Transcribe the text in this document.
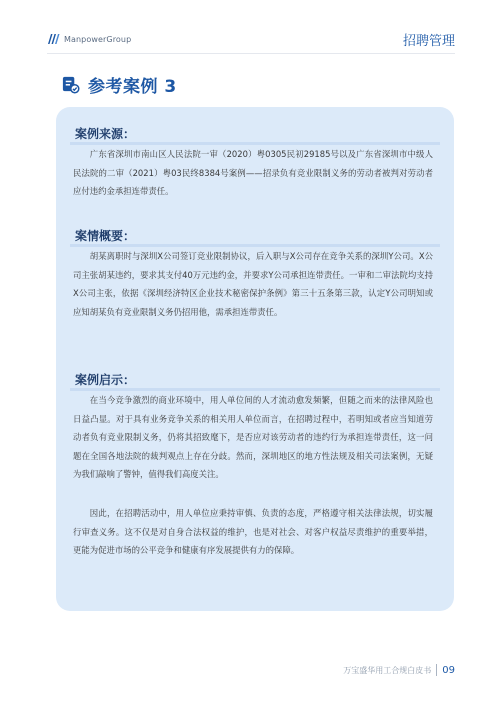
ManpowerGroup	招聘管理
参考案例 3
案例来源：

广东省深圳市南山区人民法院一审（2020）粤0305民初29185号以及广东省深圳市中级人民法院的二审（2021）粤03民终8384号案例——招录负有竞业限制义务的劳动者被判对劳动者应付违约金承担连带责任。

案情概要：

胡某离职时与深圳X公司签订竞业限制协议，后入职与X公司存在竞争关系的深圳Y公司。X公司主张胡某违约，要求其支付40万元违约金，并要求Y公司承担连带责任。一审和二审法院均支持X公司主张，依据《深圳经济特区企业技术秘密保护条例》第三十五条第三款，认定Y公司明知或应知胡某负有竞业限制义务仍招用他，需承担连带责任。

案例启示：

在当今竞争激烈的商业环境中，用人单位间的人才流动愈发频繁，但随之而来的法律风险也日益凸显。对于具有业务竞争关系的相关用人单位而言，在招聘过程中，若明知或者应当知道劳动者负有竞业限制义务，仍将其招致麾下，是否应对该劳动者的违约行为承担连带责任，这一问题在全国各地法院的裁判观点上存在分歧。然而，深圳地区的地方性法规及相关司法案例，无疑为我们敲响了警钟，值得我们高度关注。

因此，在招聘活动中，用人单位应秉持审慎、负责的态度，严格遵守相关法律法规，切实履行审查义务。这不仅是对自身合法权益的维护，也是对社会、对客户权益尽责维护的重要举措，更能为促进市场的公平竞争和健康有序发展提供有力的保障。

万宝盛华用工合规白皮书 09
